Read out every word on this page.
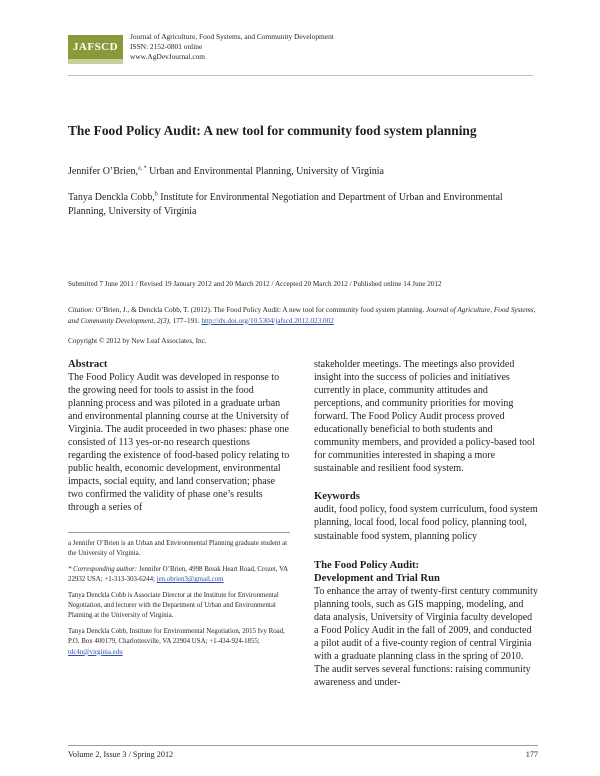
JAFSCD
Journal of Agriculture, Food Systems, and Community Development
ISSN: 2152-0801 online
www.AgDevJournal.com
The Food Policy Audit: A new tool for community food system planning
Jennifer O’Brien,$^{a, *}$ Urban and Environmental Planning, University of Virginia
Tanya Denckla Cobb,$^b$ Institute for Environmental Negotiation and Department of Urban and Environmental Planning, University of Virginia
Submitted 7 June 2011 / Revised 19 January 2012 and 20 March 2012 / Accepted 20 March 2012 / Published online 14 June 2012
Citation: O’Brien, J., & Denckla Cobb, T. (2012). The Food Policy Audit: A new tool for community food system planning. Journal of Agriculture, Food Systems, and Community Development, 2(3), 177–191. http://dx.doi.org/10.5304/jafscd.2012.023.002
Copyright © 2012 by New Leaf Associates, Inc.
Abstract
The Food Policy Audit was developed in response to the growing need for tools to assist in the food planning process and was piloted in a graduate urban and environmental planning course at the University of Virginia. The audit proceeded in two phases: phase one consisted of 113 yes-or-no research questions regarding the existence of food-based policy relating to public health, economic development, environmental impacts, social equity, and land conservation; phase two confirmed the validity of phase one’s results through a series of

a Jennifer O’Brien is an Urban and Environmental Planning graduate student at the University of Virginia.

* Corresponding author: Jennifer O’Brien, 4998 Break Heart Road, Crozet, VA 22932 USA; +1-313-303-6244; jen.obrien3@gmail.com

Tanya Denckla Cobb is Associate Director at the Institute for Environmental Negotiation, and lecturer with the Department of Urban and Environmental Planning at the University of Virginia.

Tanya Denckla Cobb, Institute for Environmental Negotiation, 2015 Ivy Road, P.O. Box 400179, Charlottesville, VA 22904 USA; +1-434-924-1855; tdc4n@virginia.edu

stakeholder meetings. The meetings also provided insight into the success of policies and initiatives currently in place, community attitudes and perceptions, and community priorities for moving forward. The Food Policy Audit process proved educationally beneficial to both students and community members, and provided a policy-based tool for communities interested in shaping a more sustainable and resilient food system.
Keywords
audit, food policy, food system curriculum, food system planning, local food, local food policy, planning tool, sustainable food system, planning policy
The Food Policy Audit:
Development and Trial Run
To enhance the array of twenty-first century community planning tools, such as GIS mapping, modeling, and data analysis, University of Virginia faculty developed a Food Policy Audit in the fall of 2009, and conducted a pilot audit of a five-county region of central Virginia with a graduate planning class in the spring of 2010. The audit serves several functions: raising community awareness and under-
Volume 2, Issue 3 / Spring 2012	177
